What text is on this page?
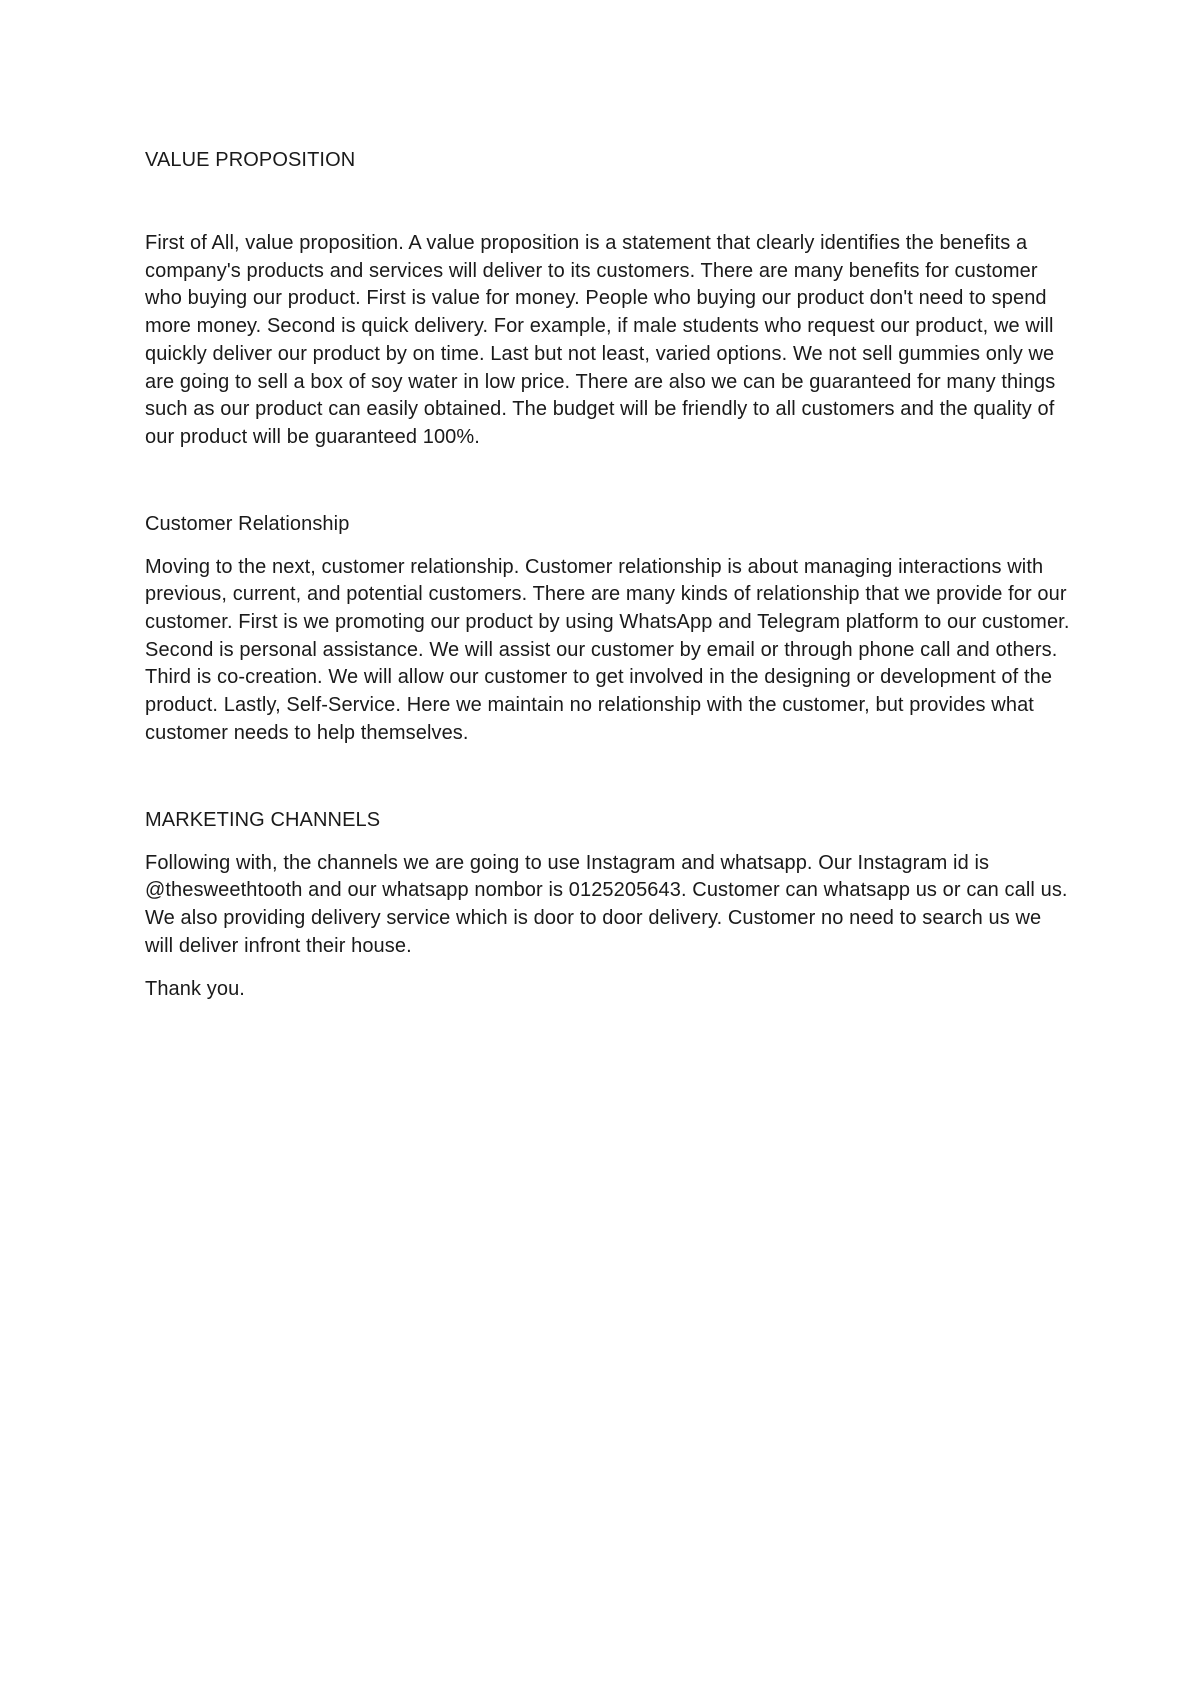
VALUE PROPOSITION

First of All, value proposition. A value proposition is a statement that clearly identifies the benefits a company's products and services will deliver to its customers. There are many benefits for customer who buying our product. First is value for money. People who buying our product don't need to spend more money. Second is quick delivery. For example, if male students who request our product, we will quickly deliver our product by on time. Last but not least, varied options. We not sell gummies only we are going to sell a box of soy water in low price. There are also we can be guaranteed for many things such as our product can easily obtained. The budget will be friendly to all customers and the quality of our product will be guaranteed 100%.

Customer Relationship

Moving to the next, customer relationship. Customer relationship is about managing interactions with previous, current, and potential customers. There are many kinds of relationship that we provide for our customer. First is we promoting our product by using WhatsApp and Telegram platform to our customer. Second is personal assistance. We will assist our customer by email or through phone call and others. Third is co-creation. We will allow our customer to get involved in the designing or development of the product. Lastly, Self-Service. Here we maintain no relationship with the customer, but provides what customer needs to help themselves.

MARKETING CHANNELS

Following with, the channels we are going to use Instagram and whatsapp. Our Instagram id is @thesweethtooth and our whatsapp nombor is 0125205643. Customer can whatsapp us or can call us. We also providing delivery service which is door to door delivery. Customer no need to search us we will deliver infront their house.

Thank you.
